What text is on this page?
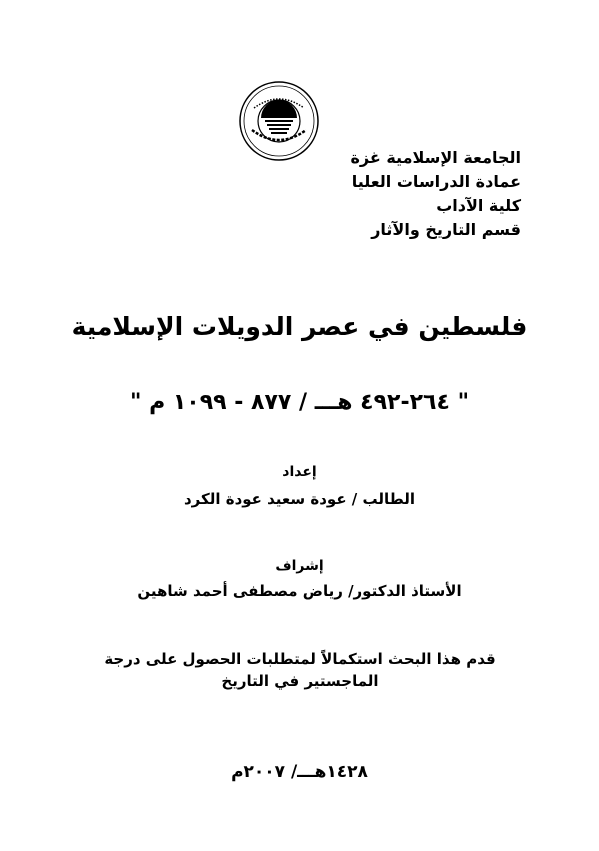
الجامعة الإسلامية غزة
عمادة الدراسات العليا
كلية الآداب
قسم التاريخ والآثار
فلسطين في عصر الدويلات الإسلامية
" ٢٦٤-٤٩٢ هـــ / ٨٧٧ - ١٠٩٩ م "
إعداد
الطالب / عودة سعيد عودة الكرد
إشراف
الأستاذ الدكتور/ رياض مصطفى أحمد شاهين
قدم هذا البحث استكمالاً لمتطلبات الحصول على درجة الماجستير في التاريخ
١٤٢٨هـــ/ ٢٠٠٧م
